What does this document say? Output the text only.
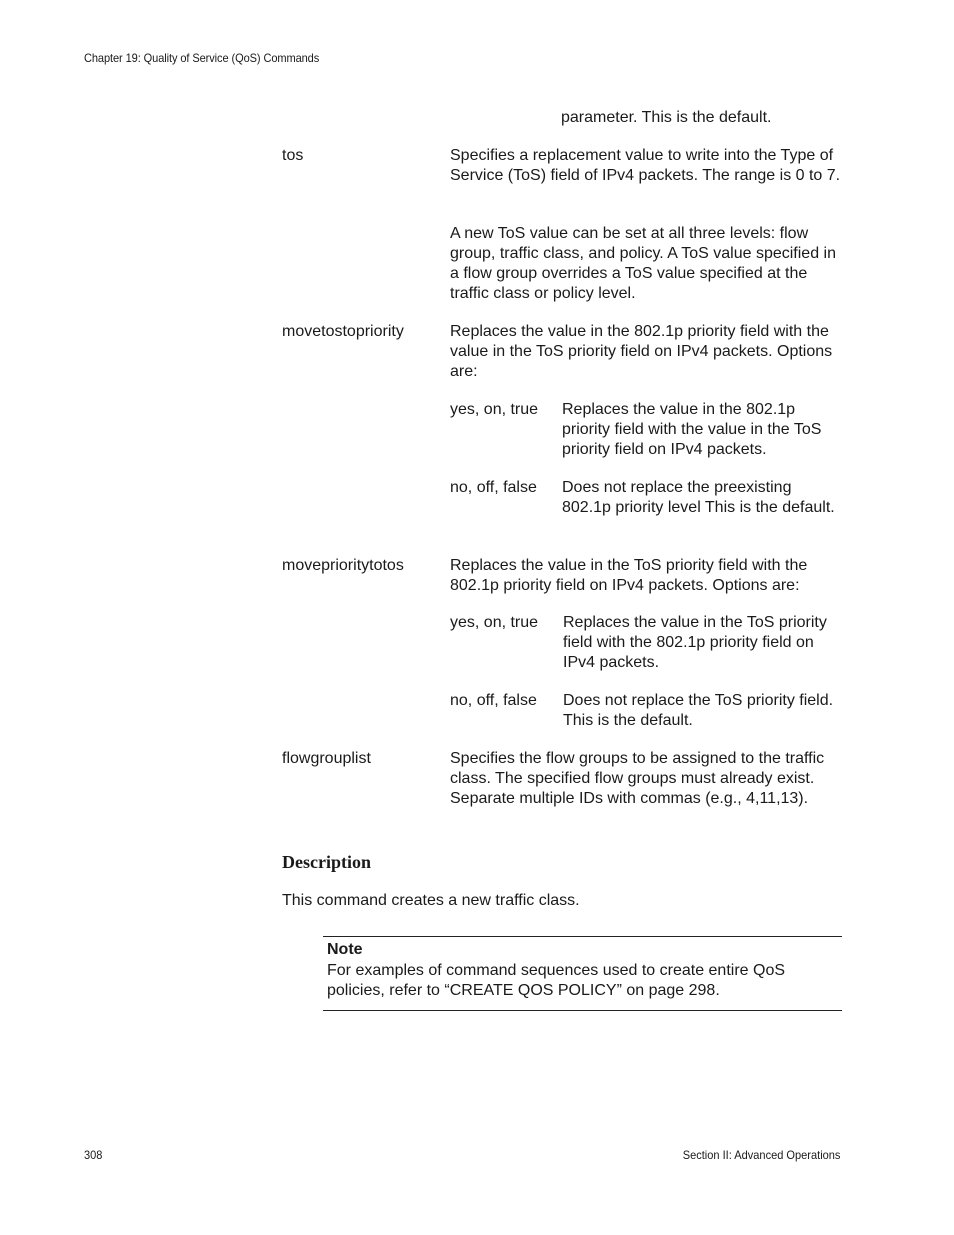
Chapter 19: Quality of Service (QoS) Commands
parameter. This is the default.
tos	Specifies a replacement value to write into the Type of Service (ToS) field of IPv4 packets. The range is 0 to 7.
A new ToS value can be set at all three levels: flow group, traffic class, and policy. A ToS value specified in a flow group overrides a ToS value specified at the traffic class or policy level.
movetostopriority	Replaces the value in the 802.1p priority field with the value in the ToS priority field on IPv4 packets. Options are:
yes, on, true Replaces the value in the 802.1p priority field with the value in the ToS priority field on IPv4 packets.
no, off, false Does not replace the preexisting 802.1p priority level This is the default.
moveprioritytotos	Replaces the value in the ToS priority field with the 802.1p priority field on IPv4 packets. Options are:
yes, on, true Replaces the value in the ToS priority field with the 802.1p priority field on IPv4 packets.
no, off, false Does not replace the ToS priority field. This is the default.
flowgrouplist	Specifies the flow groups to be assigned to the traffic class. The specified flow groups must already exist. Separate multiple IDs with commas (e.g., 4,11,13).
Description
This command creates a new traffic class.
Note
For examples of command sequences used to create entire QoS policies, refer to “CREATE QOS POLICY” on page 298.
308	Section II: Advanced Operations
